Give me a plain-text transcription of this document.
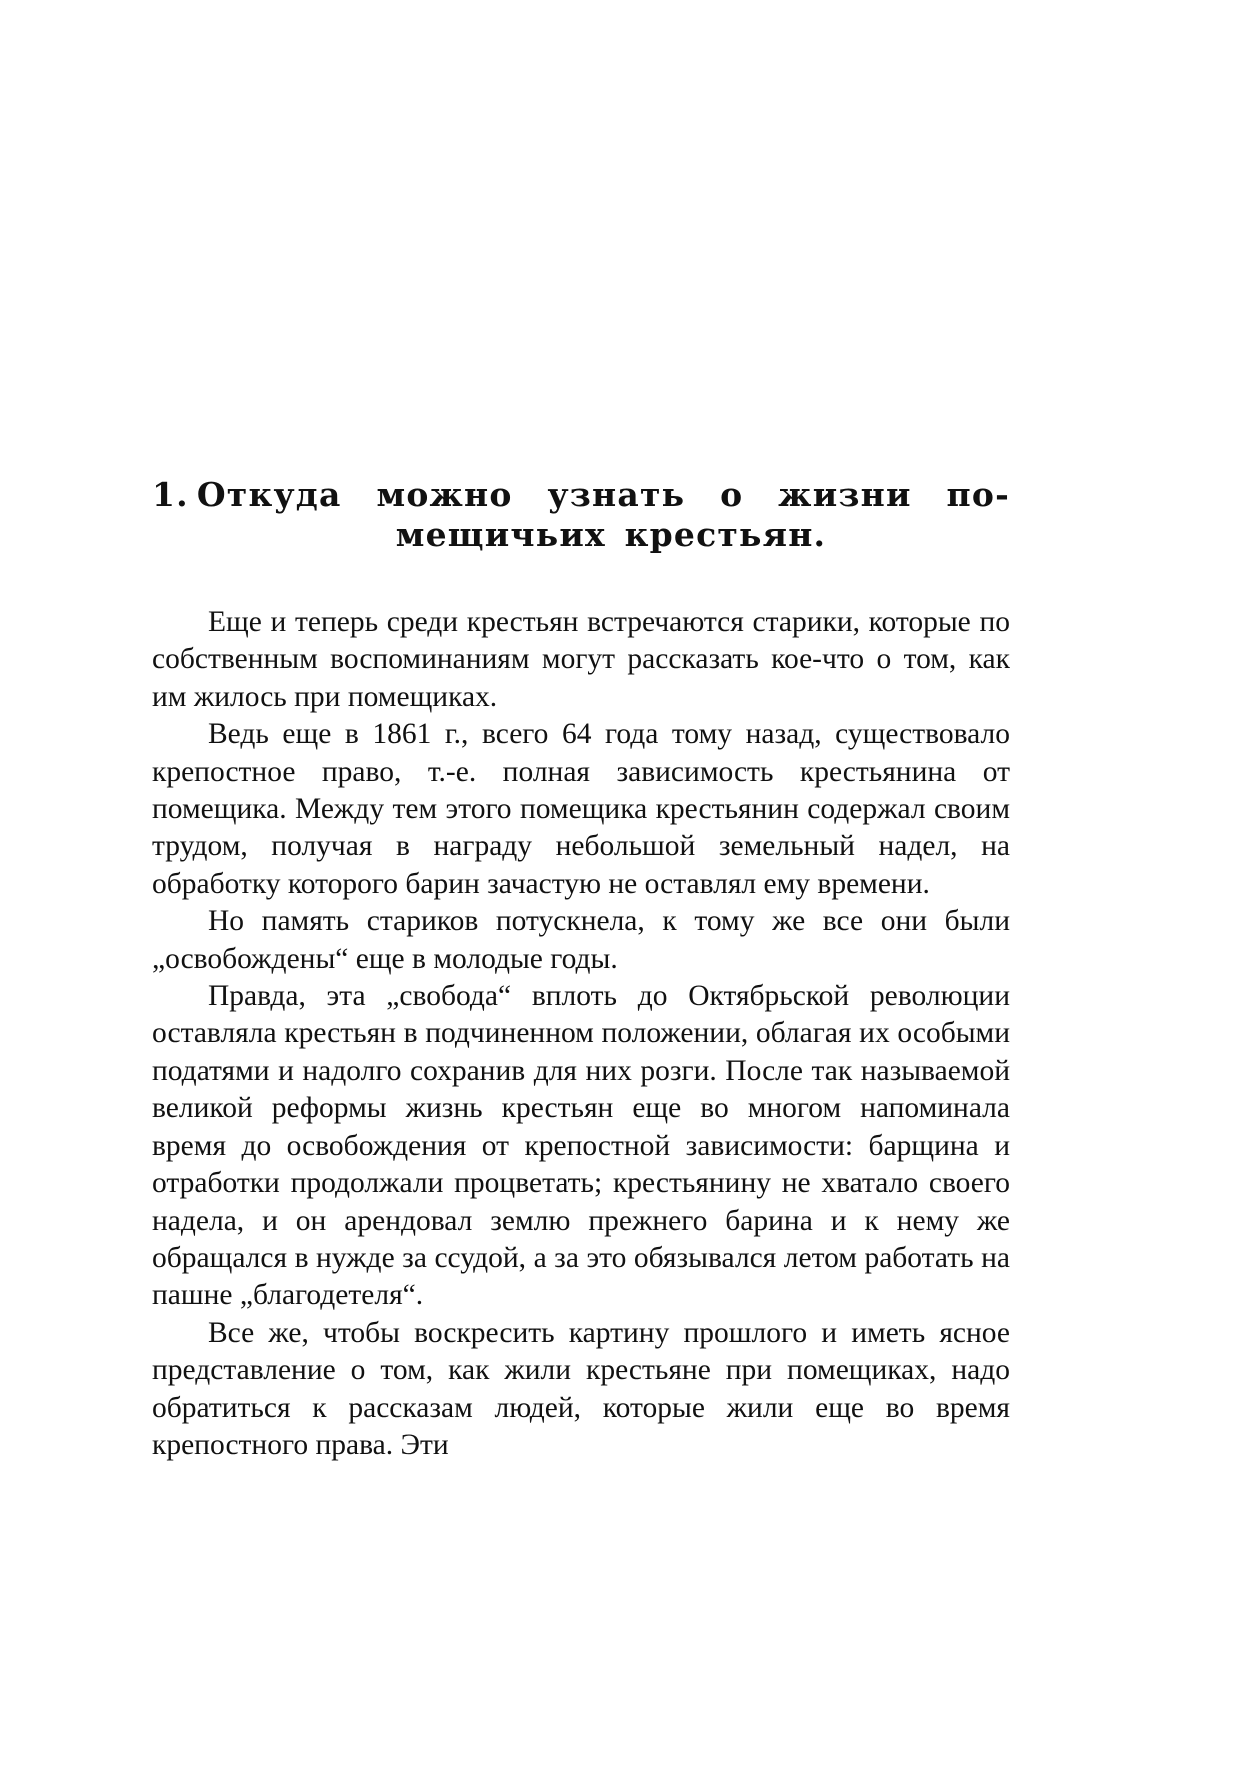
1. Откуда можно узнать о жизни по-
мещичьих крестьян.

Еще и теперь среди крестьян встречаются старики, которые по собственным воспоминаниям могут рассказать кое-что о том, как им жилось при помещиках.

Ведь еще в 1861 г., всего 64 года тому назад, существовало крепостное право, т.-е. полная зависимость крестьянина от помещика. Между тем этого помещика крестьянин содержал своим трудом, получая в награду небольшой земельный надел, на обработку которого барин зачастую не оставлял ему времени.

Но память стариков потускнела, к тому же все они были „освобождены“ еще в молодые годы.

Правда, эта „свобода“ вплоть до Октябрьской революции оставляла крестьян в подчиненном положении, облагая их особыми податями и надолго сохранив для них розги. После так называемой великой реформы жизнь крестьян еще во многом напоминала время до освобождения от крепостной зависимости: барщина и отработки продолжали процветать; крестьянину не хватало своего надела, и он арендовал землю прежнего барина и к нему же обращался в нужде за ссудой, а за это обязывался летом работать на пашне „благодетеля“.

Все же, чтобы воскресить картину прошлого и иметь ясное представление о том, как жили крестьяне при помещиках, надо обратиться к рассказам людей, которые жили еще во время крепостного права. Эти
